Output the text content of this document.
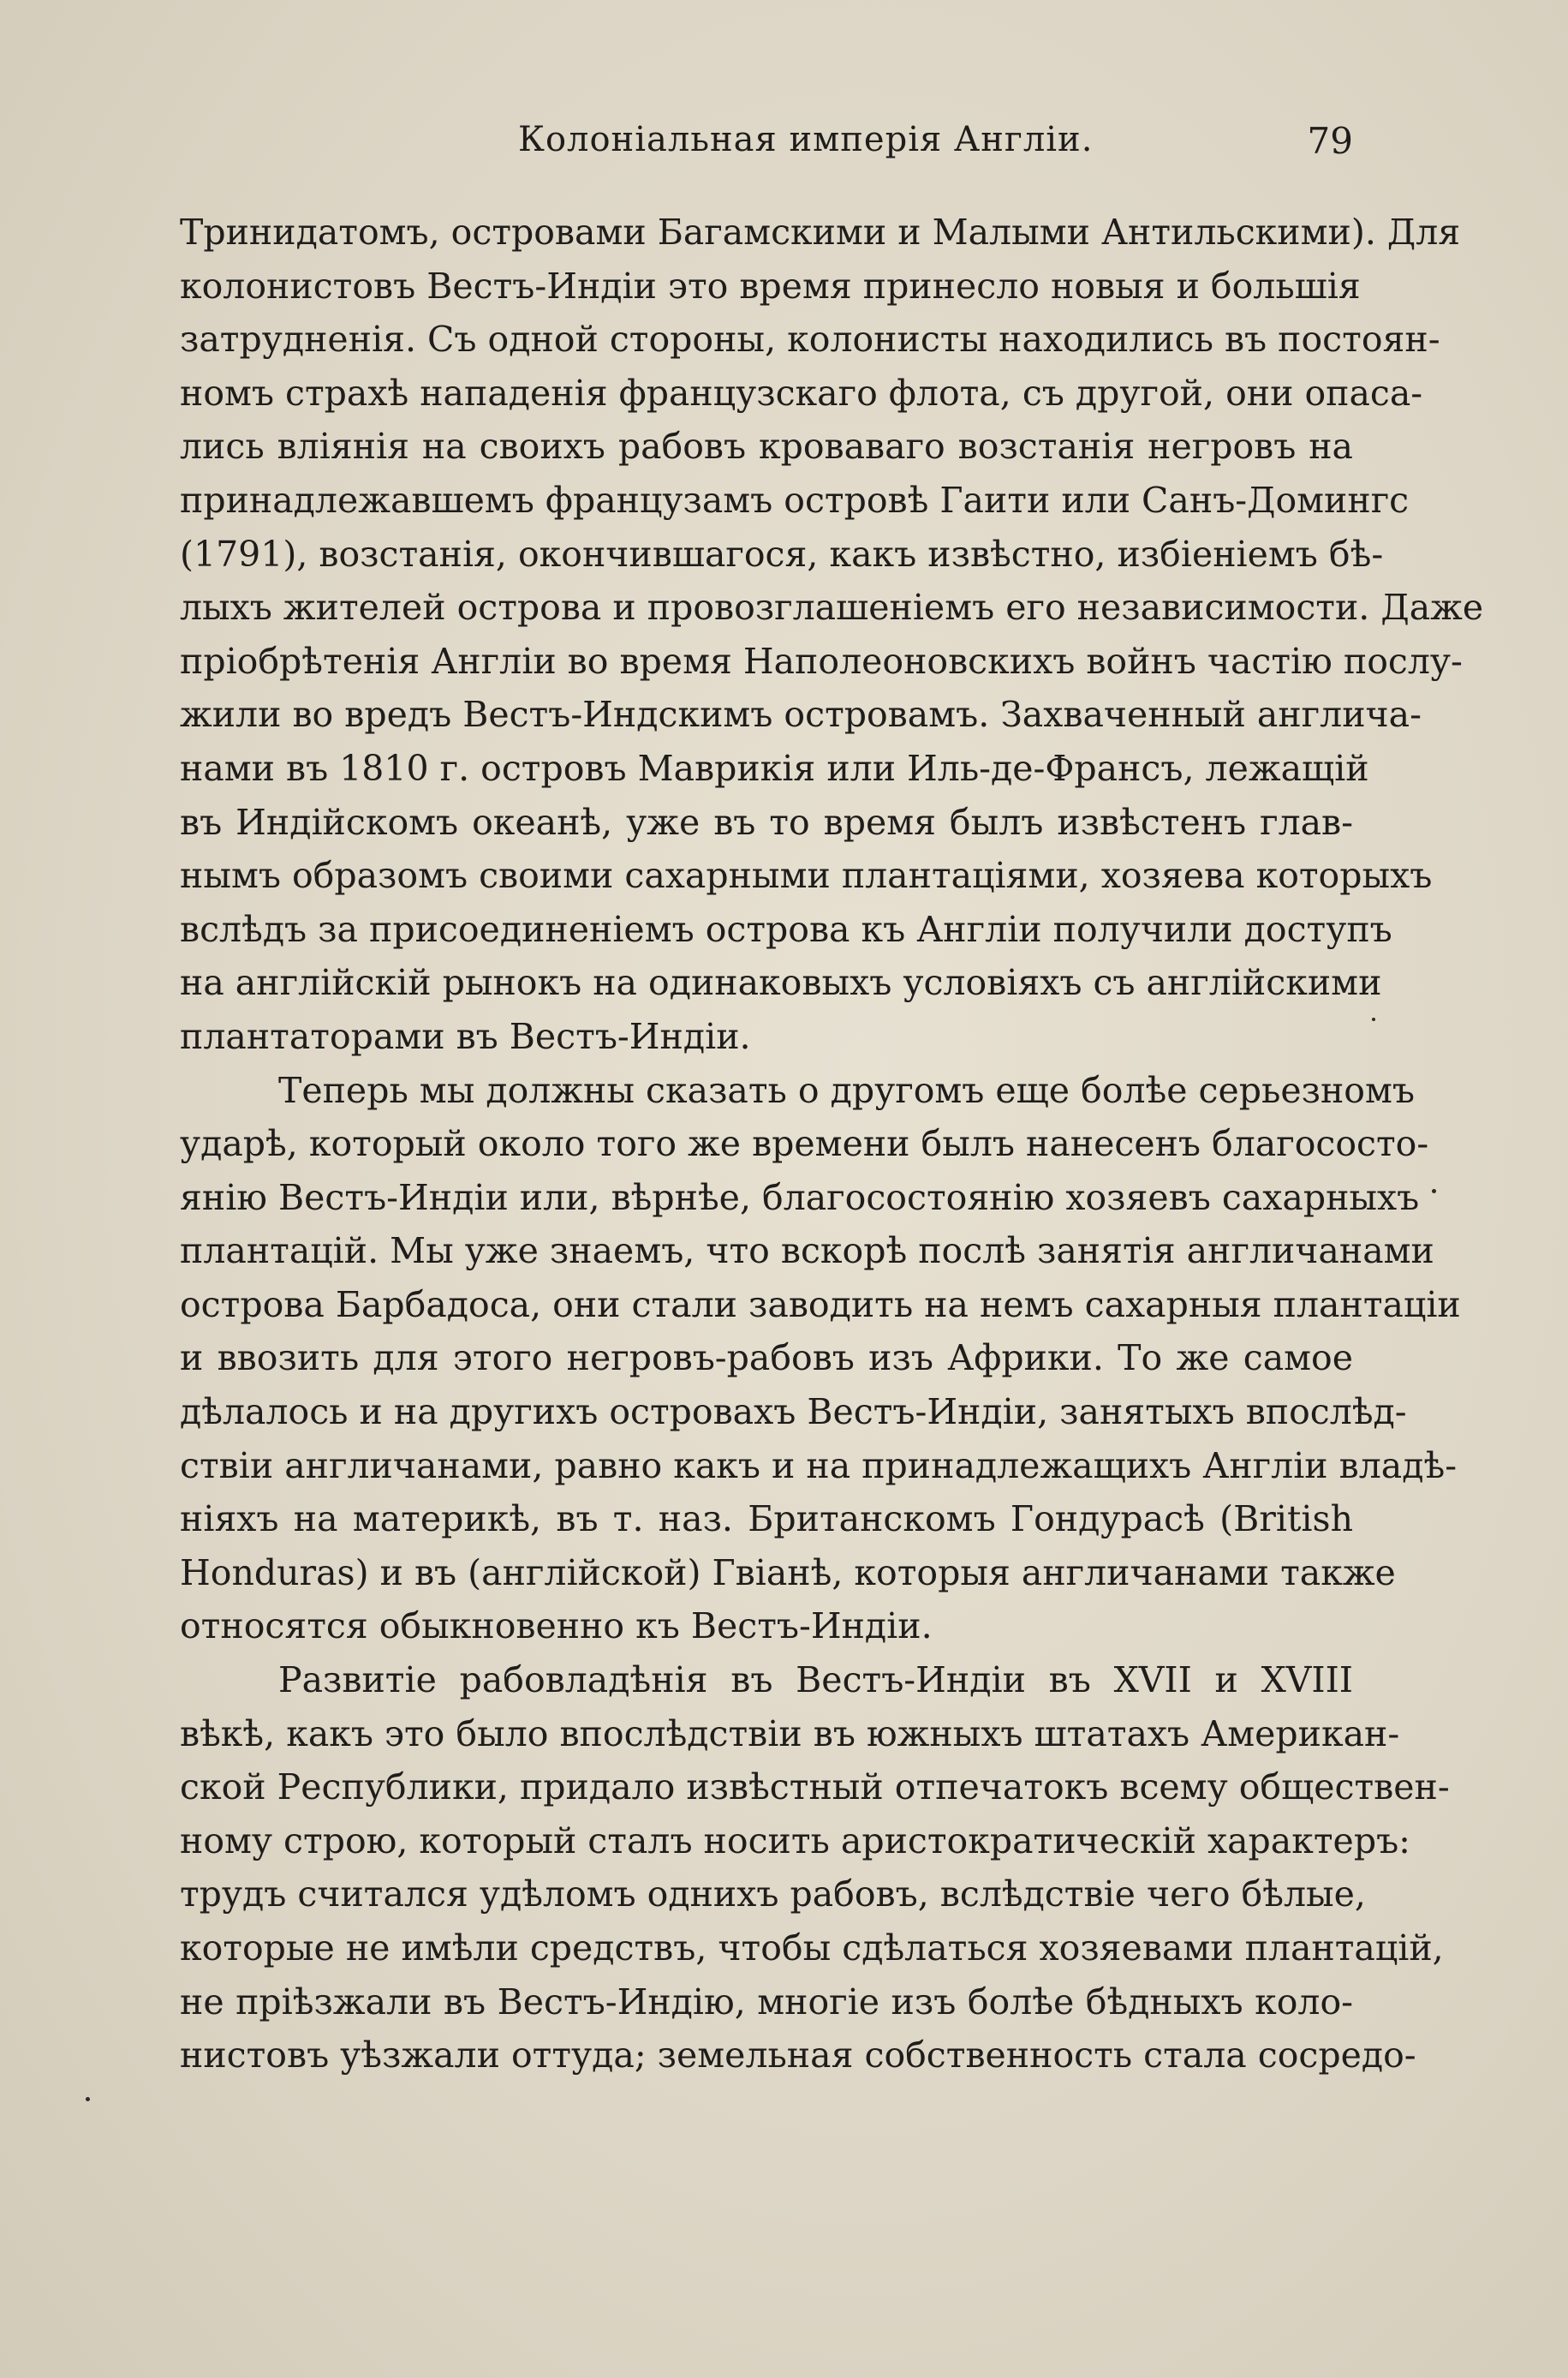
Колоніальная имперія Англіи.	79
Тринидатомъ, островами Багамскими и Малыми Антильскими). Для
колонистовъ Вестъ-Индіи это время принесло новыя и большія
затрудненія. Съ одной стороны, колонисты находились въ постоян-
номъ страхѣ нападенія французскаго флота, съ другой, они опаса-
лись вліянія на своихъ рабовъ кроваваго возстанія негровъ на
принадлежавшемъ французамъ островѣ Гаити или Санъ-Домингс
(1791), возстанія, окончившагося, какъ извѣстно, избіеніемъ бѣ-
лыхъ жителей острова и провозглашеніемъ его независимости. Даже
пріобрѣтенія Англіи во время Наполеоновскихъ войнъ частію послу-
жили во вредъ Вестъ-Индскимъ островамъ. Захваченный англича-
нами въ 1810 г. островъ Маврикія или Иль-де-Франсъ, лежащій
въ Индійскомъ океанѣ, уже въ то время былъ извѣстенъ глав-
нымъ образомъ своими сахарными плантаціями, хозяева которыхъ
вслѣдъ за присоединеніемъ острова къ Англіи получили доступъ
на англійскій рынокъ на одинаковыхъ условіяхъ съ англійскими
плантаторами въ Вестъ-Индіи.
Теперь мы должны сказать о другомъ еще болѣе серьезномъ
ударѣ, который около того же времени былъ нанесенъ благососто-
янію Вестъ-Индіи или, вѣрнѣе, благосостоянію хозяевъ сахарныхъ
плантацій. Мы уже знаемъ, что вскорѣ послѣ занятія англичанами
острова Барбадоса, они стали заводить на немъ сахарныя плантаціи
и ввозить для этого негровъ-рабовъ изъ Африки. То же самое
дѣлалось и на другихъ островахъ Вестъ-Индіи, занятыхъ впослѣд-
ствіи англичанами, равно какъ и на принадлежащихъ Англіи владѣ-
ніяхъ на материкѣ, въ т. наз. Британскомъ Гондурасѣ (British
Honduras) и въ (англійской) Гвіанѣ, которыя англичанами также
относятся обыкновенно къ Вестъ-Индіи.
Развитіе рабовладѣнія въ Вестъ-Индіи въ XVII и XVIII
вѣкѣ, какъ это было впослѣдствіи въ южныхъ штатахъ Американ-
ской Республики, придало извѣстный отпечатокъ всему обществен-
ному строю, который сталъ носить аристократическій характеръ:
трудъ считался удѣломъ однихъ рабовъ, вслѣдствіе чего бѣлые,
которые не имѣли средствъ, чтобы сдѣлаться хозяевами плантацій,
не пріѣзжали въ Вестъ-Индію, многіе изъ болѣе бѣдныхъ коло-
нистовъ уѣзжали оттуда; земельная собственность стала сосредо-
